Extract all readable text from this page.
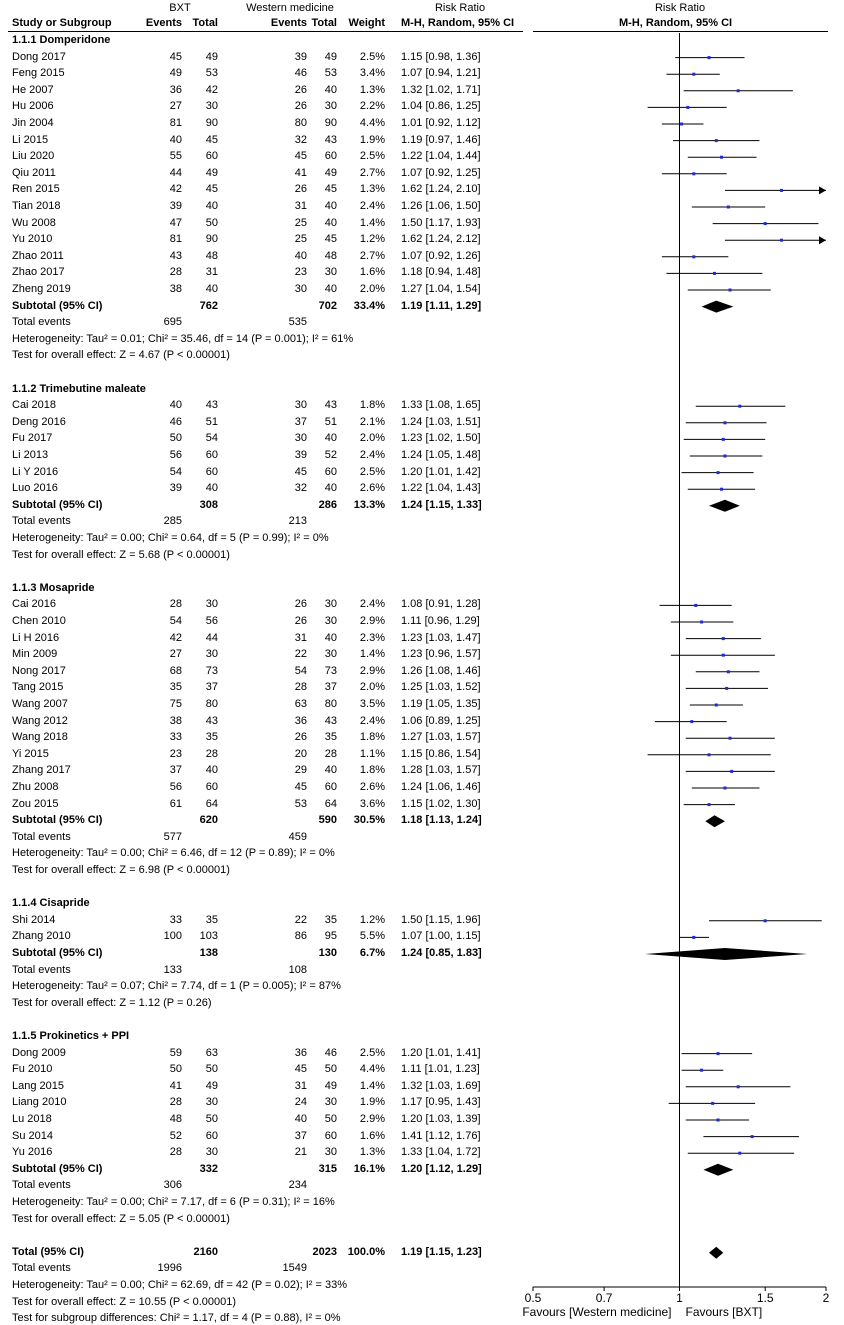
BXT	Western medicine	Risk Ratio	Risk Ratio
Study or Subgroup	Events Total	Events Total	Weight M-H, Random, 95% CI	M-H, Random, 95% CI
1.1.1 Domperidone
Dong 2017	45	49	39	49	2.5% 1.15 [0.98, 1.36]
Feng 2015	49	53	46	53	3.4% 1.07 [0.94, 1.21]
He 2007	36	42	26	40	1.3% 1.32 [1.02, 1.71]
Hu 2006	27	30	26	30	2.2% 1.04 [0.86, 1.25]
Jin 2004	81	90	80	90	4.4% 1.01 [0.92, 1.12]
Li 2015	40	45	32	43	1.9% 1.19 [0.97, 1.46]
Liu 2020	55	60	45	60	2.5% 1.22 [1.04, 1.44]
Qiu 2011	44	49	41	49	2.7% 1.07 [0.92, 1.25]
Ren 2015	42	45	26	45	1.3% 1.62 [1.24, 2.10]
Tian 2018	39	40	31	40	2.4% 1.26 [1.06, 1.50]
Wu 2008	47	50	25	40	1.4% 1.50 [1.17, 1.93]
Yu 2010	81	90	25	45	1.2% 1.62 [1.24, 2.12]
Zhao 2011	43	48	40	48	2.7% 1.07 [0.92, 1.26]
Zhao 2017	28	31	23	30	1.6% 1.18 [0.94, 1.48]
Zheng 2019	38	40	30	40	2.0% 1.27 [1.04, 1.54]
Subtotal (95% CI)	762	702	33.4% 1.19 [1.11, 1.29]
Total events	695	535
Heterogeneity: Tau² = 0.01; Chi² = 35.46, df = 14 (P = 0.001); I² = 61%
Test for overall effect: Z = 4.67 (P < 0.00001)
1.1.2 Trimebutine maleate
Cai 2018	40	43	30	43	1.8% 1.33 [1.08, 1.65]
Deng 2016	46	51	37	51	2.1% 1.24 [1.03, 1.51]
Fu 2017	50	54	30	40	2.0% 1.23 [1.02, 1.50]
Li 2013	56	60	39	52	2.4% 1.24 [1.05, 1.48]
Li Y 2016	54	60	45	60	2.5% 1.20 [1.01, 1.42]
Luo 2016	39	40	32	40	2.6% 1.22 [1.04, 1.43]
Subtotal (95% CI)	308	286	13.3% 1.24 [1.15, 1.33]
Total events	285	213
Heterogeneity: Tau² = 0.00; Chi² = 0.64, df = 5 (P = 0.99); I² = 0%
Test for overall effect: Z = 5.68 (P < 0.00001)
1.1.3 Mosapride
Cai 2016	28	30	26	30	2.4% 1.08 [0.91, 1.28]
Chen 2010	54	56	26	30	2.9% 1.11 [0.96, 1.29]
Li H 2016	42	44	31	40	2.3% 1.23 [1.03, 1.47]
Min 2009	27	30	22	30	1.4% 1.23 [0.96, 1.57]
Nong 2017	68	73	54	73	2.9% 1.26 [1.08, 1.46]
Tang 2015	35	37	28	37	2.0% 1.25 [1.03, 1.52]
Wang 2007	75	80	63	80	3.5% 1.19 [1.05, 1.35]
Wang 2012	38	43	36	43	2.4% 1.06 [0.89, 1.25]
Wang 2018	33	35	26	35	1.8% 1.27 [1.03, 1.57]
Yi 2015	23	28	20	28	1.1% 1.15 [0.86, 1.54]
Zhang 2017	37	40	29	40	1.8% 1.28 [1.03, 1.57]
Zhu 2008	56	60	45	60	2.6% 1.24 [1.06, 1.46]
Zou 2015	61	64	53	64	3.6% 1.15 [1.02, 1.30]
Subtotal (95% CI)	620	590	30.5% 1.18 [1.13, 1.24]
Total events	577	459
Heterogeneity: Tau² = 0.00; Chi² = 6.46, df = 12 (P = 0.89); I² = 0%
Test for overall effect: Z = 6.98 (P < 0.00001)
1.1.4 Cisapride
Shi 2014	33	35	22	35	1.2% 1.50 [1.15, 1.96]
Zhang 2010	100	103	86	95	5.5% 1.07 [1.00, 1.15]
Subtotal (95% CI)	138	130	6.7% 1.24 [0.85, 1.83]
Total events	133	108
Heterogeneity: Tau² = 0.07; Chi² = 7.74, df = 1 (P = 0.005); I² = 87%
Test for overall effect: Z = 1.12 (P = 0.26)
1.1.5 Prokinetics + PPI
Dong 2009	59	63	36	46	2.5% 1.20 [1.01, 1.41]
Fu 2010	50	50	45	50	4.4% 1.11 [1.01, 1.23]
Lang 2015	41	49	31	49	1.4% 1.32 [1.03, 1.69]
Liang 2010	28	30	24	30	1.9% 1.17 [0.95, 1.43]
Lu 2018	48	50	40	50	2.9% 1.20 [1.03, 1.39]
Su 2014	52	60	37	60	1.6% 1.41 [1.12, 1.76]
Yu 2016	28	30	21	30	1.3% 1.33 [1.04, 1.72]
Subtotal (95% CI)	332	315	16.1% 1.20 [1.12, 1.29]
Total events	306	234
Heterogeneity: Tau² = 0.00; Chi² = 7.17, df = 6 (P = 0.31); I² = 16%
Test for overall effect: Z = 5.05 (P < 0.00001)
Total (95% CI)	2160	2023 100.0% 1.19 [1.15, 1.23]
Total events	1996	1549
Heterogeneity: Tau² = 0.00; Chi² = 62.69, df = 42 (P = 0.02); I² = 33%
Test for overall effect: Z = 10.55 (P < 0.00001)
Test for subgroup differences: Chi² = 1.17, df = 4 (P = 0.88), I² = 0%
0.5	0.7	1	1.5	2
Favours [Western medicine] Favours [BXT]
